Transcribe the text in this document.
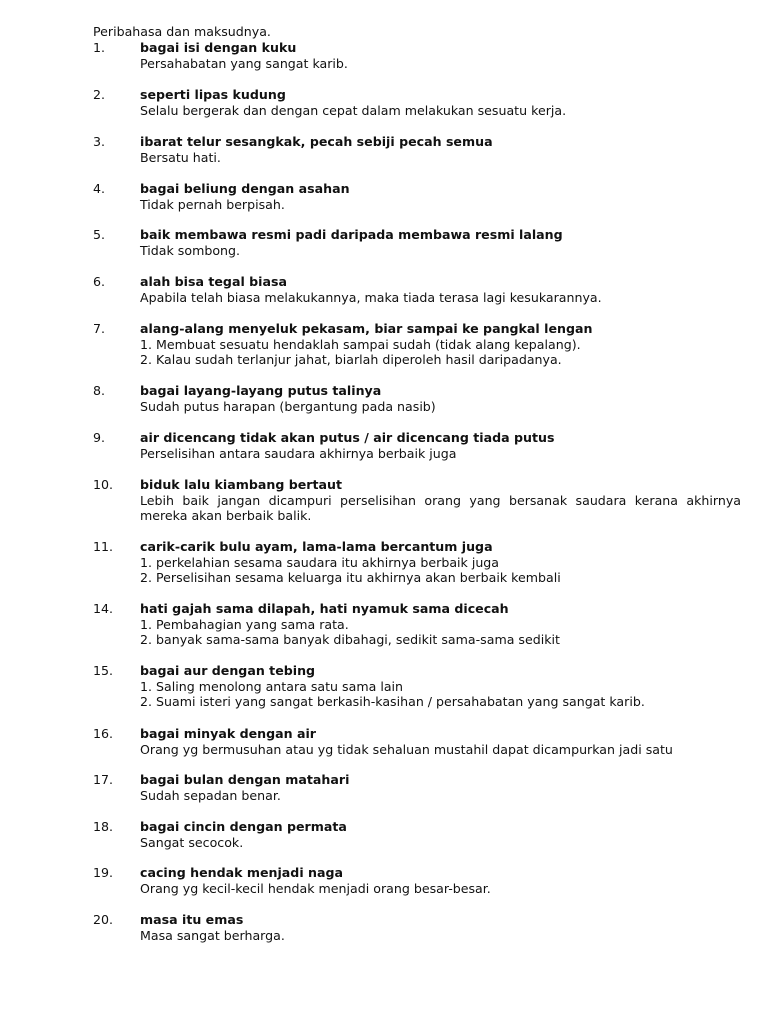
Peribahasa dan maksudnya.
1.	bagai isi dengan kuku
Persahabatan yang sangat karib.
2.	seperti lipas kudung
Selalu bergerak dan dengan cepat dalam melakukan sesuatu kerja.
3.	ibarat telur sesangkak, pecah sebiji pecah semua
Bersatu hati.
4.	bagai beliung dengan asahan
Tidak pernah berpisah.
5.	baik membawa resmi padi daripada membawa resmi lalang
Tidak sombong.
6.	alah bisa tegal biasa
Apabila telah biasa melakukannya, maka tiada terasa lagi kesukarannya.
7.	alang-alang menyeluk pekasam, biar sampai ke pangkal lengan
1. Membuat sesuatu hendaklah sampai sudah (tidak alang kepalang).
2. Kalau sudah terlanjur jahat, biarlah diperoleh hasil daripadanya.
8.	bagai layang-layang putus talinya
Sudah putus harapan (bergantung pada nasib)
9.	air dicencang tidak akan putus / air dicencang tiada putus
Perselisihan antara saudara akhirnya berbaik juga
10.	biduk lalu kiambang bertaut
Lebih baik jangan dicampuri perselisihan orang yang bersanak saudara kerana akhirnya mereka akan berbaik balik.
11.	carik-carik bulu ayam, lama-lama bercantum juga
1. perkelahian sesama saudara itu akhirnya berbaik juga
2. Perselisihan sesama keluarga itu akhirnya akan berbaik kembali
14.	hati gajah sama dilapah, hati nyamuk sama dicecah
1. Pembahagian yang sama rata.
2. banyak sama-sama banyak dibahagi, sedikit sama-sama sedikit
15.	bagai aur dengan tebing
1. Saling menolong antara satu sama lain
2. Suami isteri yang sangat berkasih-kasihan / persahabatan yang sangat karib.
16.	bagai minyak dengan air
Orang yg bermusuhan atau yg tidak sehaluan mustahil dapat dicampurkan jadi satu
17.	bagai bulan dengan matahari
Sudah sepadan benar.
18.	bagai cincin dengan permata
Sangat secocok.
19.	cacing hendak menjadi naga
Orang yg kecil-kecil hendak menjadi orang besar-besar.
20.	masa itu emas
Masa sangat berharga.
